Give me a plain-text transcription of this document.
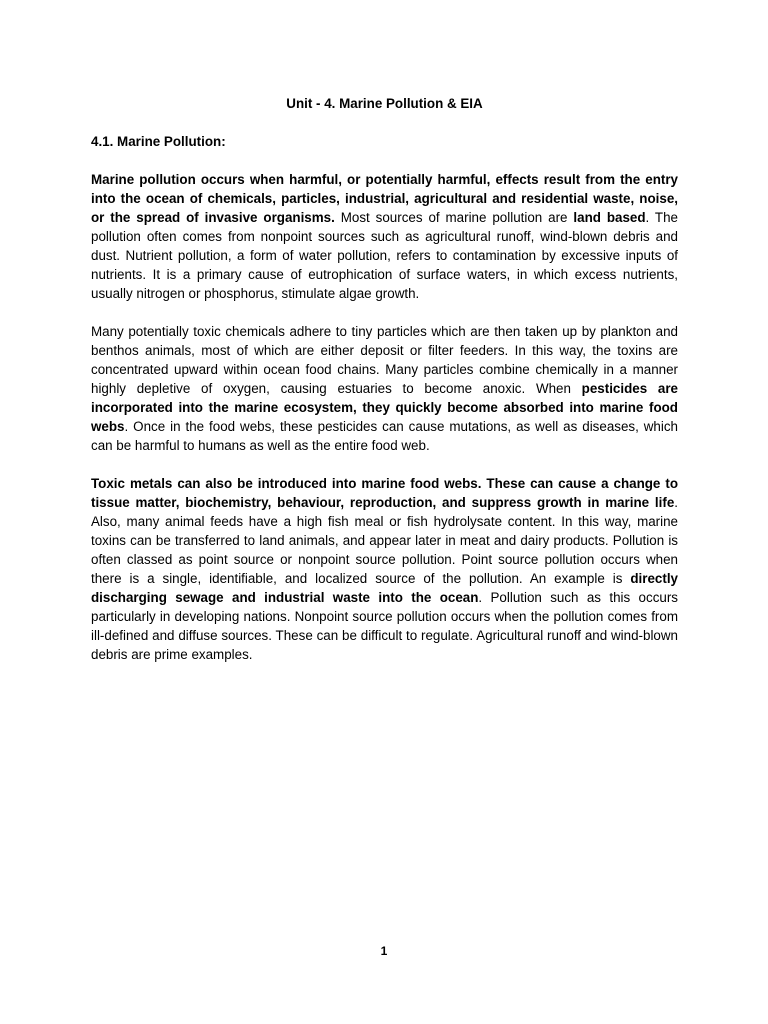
Unit - 4. Marine Pollution & EIA
4.1. Marine Pollution:

Marine pollution occurs when harmful, or potentially harmful, effects result from the entry into the ocean of chemicals, particles, industrial, agricultural and residential waste, noise, or the spread of invasive organisms. Most sources of marine pollution are land based. The pollution often comes from nonpoint sources such as agricultural runoff, wind-blown debris and dust. Nutrient pollution, a form of water pollution, refers to contamination by excessive inputs of nutrients. It is a primary cause of eutrophication of surface waters, in which excess nutrients, usually nitrogen or phosphorus, stimulate algae growth.

Many potentially toxic chemicals adhere to tiny particles which are then taken up by plankton and benthos animals, most of which are either deposit or filter feeders. In this way, the toxins are concentrated upward within ocean food chains. Many particles combine chemically in a manner highly depletive of oxygen, causing estuaries to become anoxic. When pesticides are incorporated into the marine ecosystem, they quickly become absorbed into marine food webs. Once in the food webs, these pesticides can cause mutations, as well as diseases, which can be harmful to humans as well as the entire food web.

Toxic metals can also be introduced into marine food webs. These can cause a change to tissue matter, biochemistry, behaviour, reproduction, and suppress growth in marine life. Also, many animal feeds have a high fish meal or fish hydrolysate content. In this way, marine toxins can be transferred to land animals, and appear later in meat and dairy products. Pollution is often classed as point source or nonpoint source pollution. Point source pollution occurs when there is a single, identifiable, and localized source of the pollution. An example is directly discharging sewage and industrial waste into the ocean. Pollution such as this occurs particularly in developing nations. Nonpoint source pollution occurs when the pollution comes from ill-defined and diffuse sources. These can be difficult to regulate. Agricultural runoff and wind-blown debris are prime examples.

1
